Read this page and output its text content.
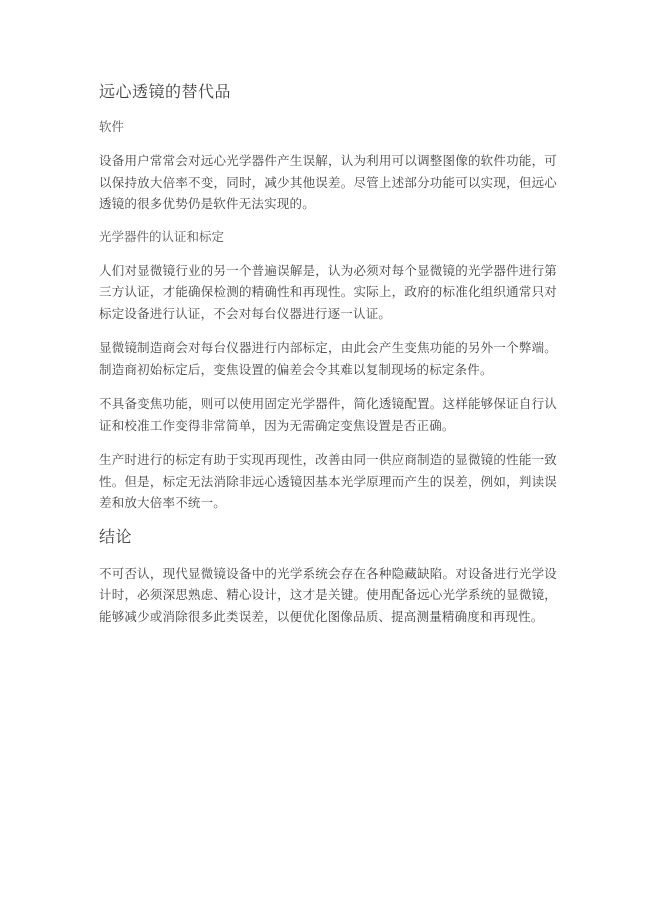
远心透镜的替代品
软件
设备用户常常会对远心光学器件产生误解，认为利用可以调整图像的软件功能，可以保持放大倍率不变，同时，减少其他误差。尽管上述部分功能可以实现，但远心透镜的很多优势仍是软件无法实现的。
光学器件的认证和标定
人们对显微镜行业的另一个普遍误解是，认为必须对每个显微镜的光学器件进行第三方认证，才能确保检测的精确性和再现性。实际上，政府的标准化组织通常只对标定设备进行认证，不会对每台仪器进行逐一认证。
显微镜制造商会对每台仪器进行内部标定，由此会产生变焦功能的另外一个弊端。制造商初始标定后，变焦设置的偏差会令其难以复制现场的标定条件。
不具备变焦功能，则可以使用固定光学器件，简化透镜配置。这样能够保证自行认证和校准工作变得非常简单，因为无需确定变焦设置是否正确。
生产时进行的标定有助于实现再现性，改善由同一供应商制造的显微镜的性能一致性。但是，标定无法消除非远心透镜因基本光学原理而产生的误差，例如，判读误差和放大倍率不统一。
结论
不可否认，现代显微镜设备中的光学系统会存在各种隐藏缺陷。对设备进行光学设计时，必须深思熟虑、精心设计，这才是关键。使用配备远心光学系统的显微镜，能够减少或消除很多此类误差，以便优化图像品质、提高测量精确度和再现性。
